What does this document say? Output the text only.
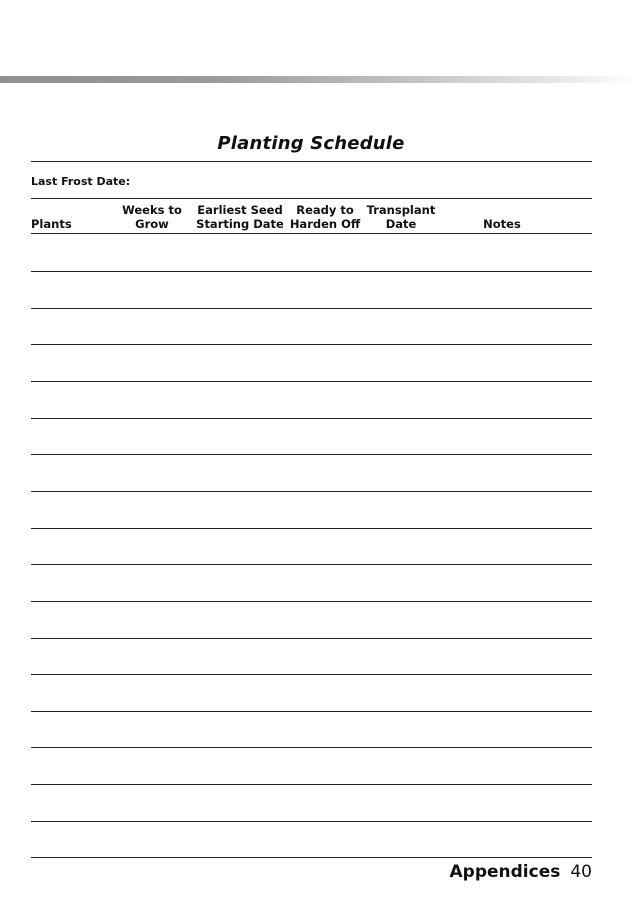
Planting Schedule
Last Frost Date:
Plants
Weeks to
Grow
Earliest Seed
Starting Date
Ready to
Harden Off
Transplant
Date	Notes
Appendices 40
